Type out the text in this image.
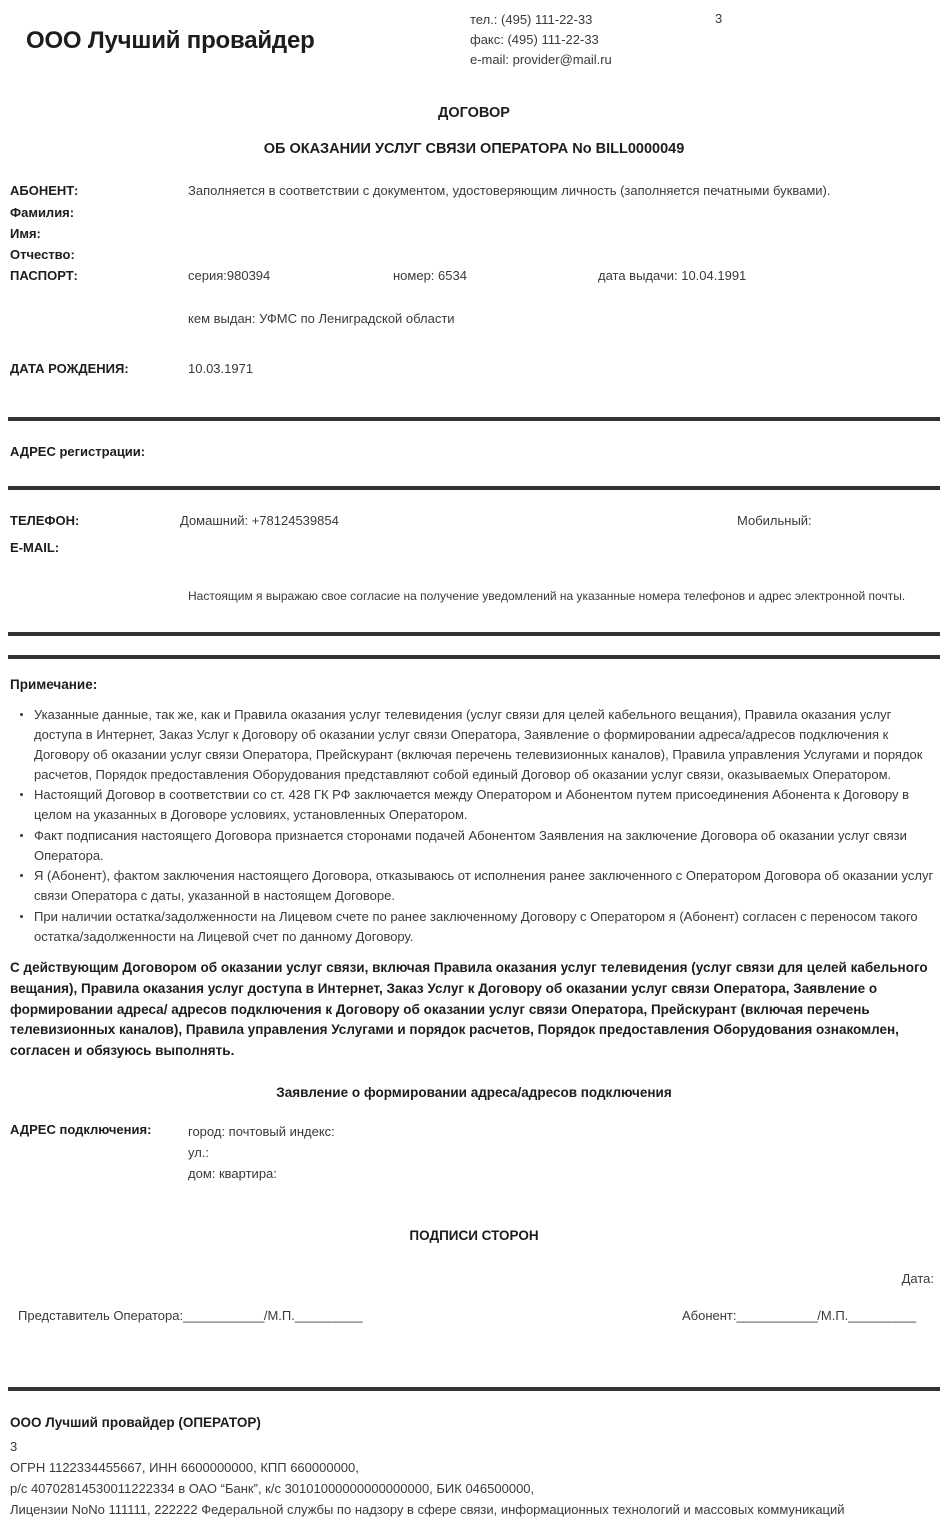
ООО Лучший провайдер
тел.: (495) 111-22-33
факс: (495) 111-22-33
e-mail: provider@mail.ru
3
ДОГОВОР
ОБ ОКАЗАНИИ УСЛУГ СВЯЗИ ОПЕРАТОРА No BILL0000049
АБОНЕНТ:	Заполняется в соответствии с документом, удостоверяющим личность (заполняется печатными буквами).
Фамилия:
Имя:
Отчество:
ПАСПОРТ:	серия:980394	номер: 6534	дата выдачи: 10.04.1991
кем выдан: УФМС по Лениградской области
ДАТА РОЖДЕНИЯ:	10.03.1971
АДРЕС регистрации:
ТЕЛЕФОН:	Домашний: +78124539854	Мобильный:
E-MAIL:
Настоящим я выражаю свое согласие на получение уведомлений на указанные номера телефонов и адрес электронной почты.
Примечание:
Указанные данные, так же, как и Правила оказания услуг телевидения (услуг связи для целей кабельного вещания), Правила оказания услуг доступа в Интернет, Заказ Услуг к Договору об оказании услуг связи Оператора, Заявление о формировании адреса/адресов подключения к Договору об оказании услуг связи Оператора, Прейскурант (включая перечень телевизионных каналов), Правила управления Услугами и порядок расчетов, Порядок предоставления Оборудования представляют собой единый Договор об оказании услуг связи, оказываемых Оператором.
Настоящий Договор в соответствии со ст. 428 ГК РФ заключается между Оператором и Абонентом путем присоединения Абонента к Договору в целом на указанных в Договоре условиях, установленных Оператором.
Факт подписания настоящего Договора признается сторонами подачей Абонентом Заявления на заключение Договора об оказании услуг связи Оператора.
Я (Абонент), фактом заключения настоящего Договора, отказываюсь от исполнения ранее заключенного с Оператором Договора об оказании услуг связи Оператора с даты, указанной в настоящем Договоре.
При наличии остатка/задолженности на Лицевом счете по ранее заключенному Договору с Оператором я (Абонент) согласен с переносом такого остатка/задолженности на Лицевой счет по данному Договору.
С действующим Договором об оказании услуг связи, включая Правила оказания услуг телевидения (услуг связи для целей кабельного вещания), Правила оказания услуг доступа в Интернет, Заказ Услуг к Договору об оказании услуг связи Оператора, Заявление о формировании адреса/ адресов подключения к Договору об оказании услуг связи Оператора, Прейскурант (включая перечень телевизионных каналов), Правила управления Услугами и порядок расчетов, Порядок предоставления Оборудования ознакомлен, согласен и обязуюсь выполнять.
Заявление о формировании адреса/адресов подключения
АДРЕС подключения:	город: почтовый индекс:
ул.:
дом: квартира:
ПОДПИСИ СТОРОН
Дата:
Представитель Оператора:____________/М.П.__________	Абонент:____________/М.П.__________
ООО Лучший провайдер (ОПЕРАТОР)
3
ОГРН 1122334455667, ИНН 6600000000, КПП 660000000,
р/с 40702814530011222334 в ОАО “Банк”, к/с 30101000000000000000, БИК 046500000,
Лицензии NoNo 111111, 222222 Федеральной службы по надзору в сфере связи, информационных технологий и массовых коммуникаций
